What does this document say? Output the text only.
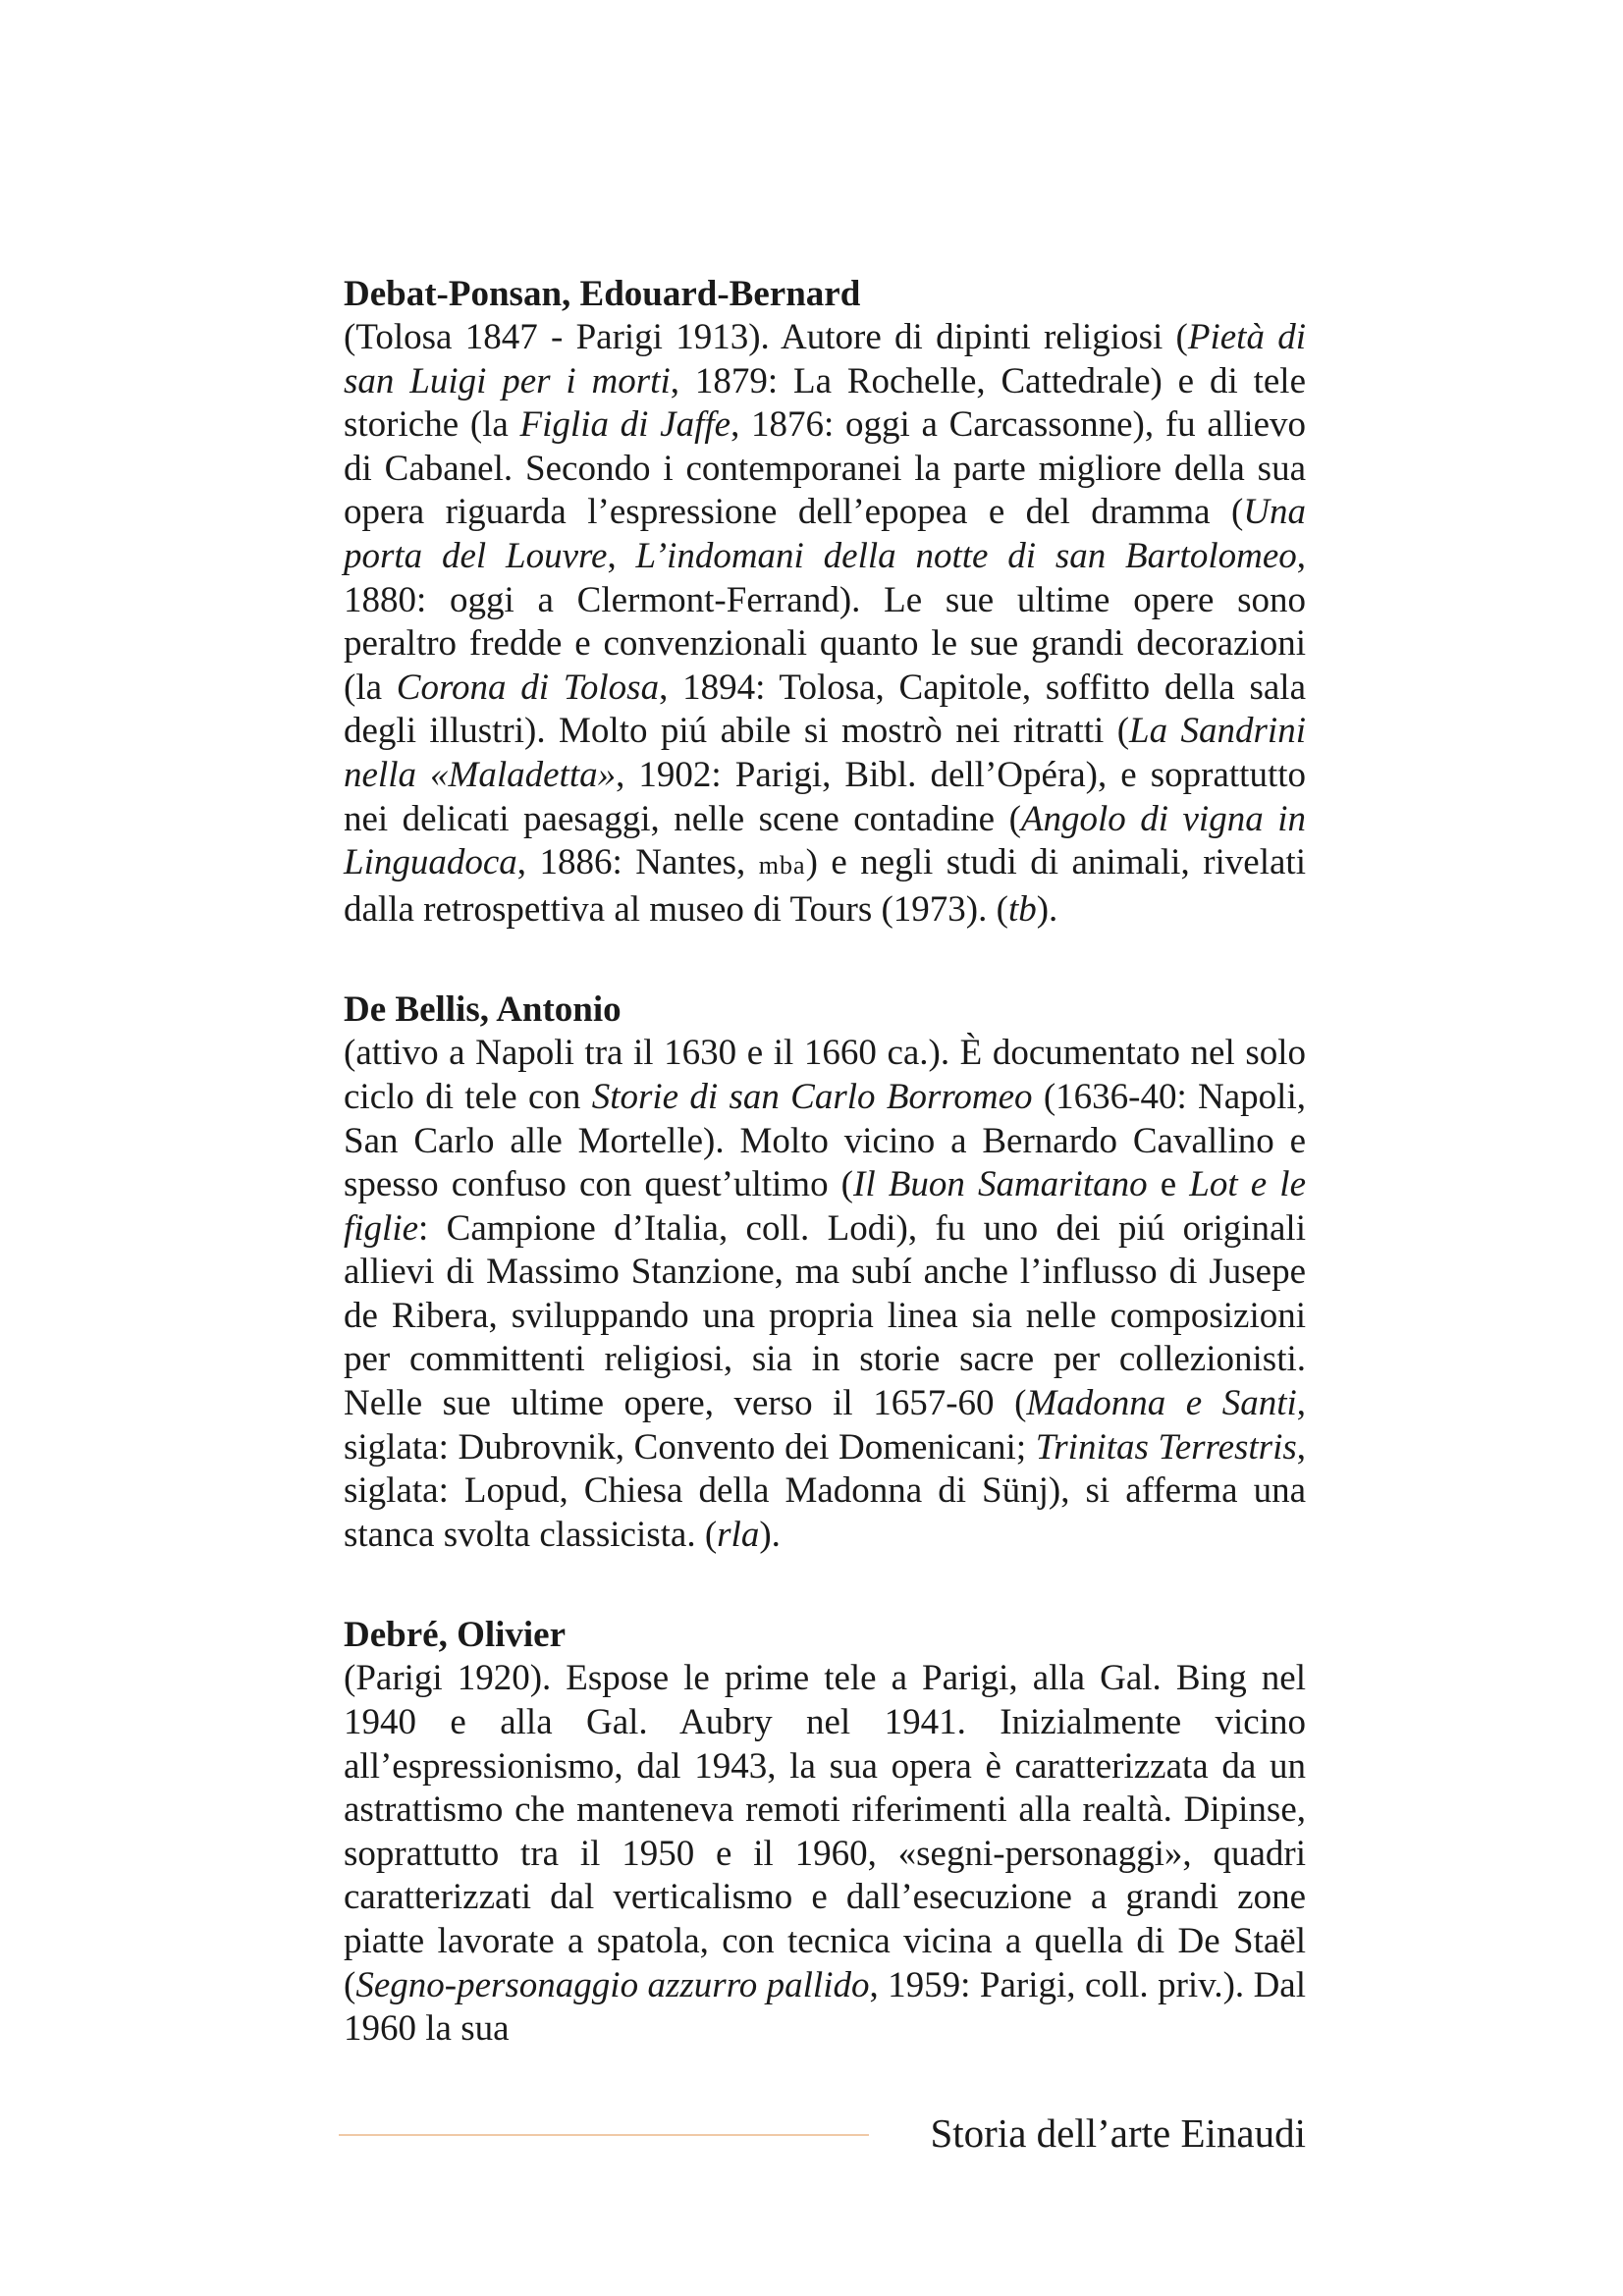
Debat-Ponsan, Edouard-Bernard

(Tolosa 1847 - Parigi 1913). Autore di dipinti religiosi (Pietà di san Luigi per i morti, 1879: La Rochelle, Cattedrale) e di tele storiche (la Figlia di Jaffe, 1876: oggi a Carcassonne), fu allievo di Cabanel. Secondo i contemporanei la parte migliore della sua opera riguarda l’espressione dell’epopea e del dramma (Una porta del Louvre, L’indomani della notte di san Bartolomeo, 1880: oggi a Clermont-Ferrand). Le sue ultime opere sono peraltro fredde e convenzionali quanto le sue grandi decorazioni (la Corona di Tolosa, 1894: Tolosa, Capitole, soffitto della sala degli illustri). Molto piú abile si mostrò nei ritratti (La Sandrini nella «Maladetta», 1902: Parigi, Bibl. dell’Opéra), e soprattutto nei delicati paesaggi, nelle scene contadine (Angolo di vigna in Linguadoca, 1886: Nantes, mba) e negli studi di animali, rivelati dalla retrospettiva al museo di Tours (1973). (tb).

De Bellis, Antonio

(attivo a Napoli tra il 1630 e il 1660 ca.). È documentato nel solo ciclo di tele con Storie di san Carlo Borromeo (1636-40: Napoli, San Carlo alle Mortelle). Molto vicino a Bernardo Cavallino e spesso confuso con quest’ultimo (Il Buon Samaritano e Lot e le figlie: Campione d’Italia, coll. Lodi), fu uno dei piú originali allievi di Massimo Stanzione, ma subí anche l’influsso di Jusepe de Ribera, sviluppando una propria linea sia nelle composizioni per committenti religiosi, sia in storie sacre per collezionisti. Nelle sue ultime opere, verso il 1657-60 (Madonna e Santi, siglata: Dubrovnik, Convento dei Domenicani; Trinitas Terrestris, siglata: Lopud, Chiesa della Madonna di Sünj), si afferma una stanca svolta classicista. (rla).

Debré, Olivier

(Parigi 1920). Espose le prime tele a Parigi, alla Gal. Bing nel 1940 e alla Gal. Aubry nel 1941. Inizialmente vicino all’espressionismo, dal 1943, la sua opera è caratterizzata da un astrattismo che manteneva remoti riferimenti alla realtà. Dipinse, soprattutto tra il 1950 e il 1960, «segni-personaggi», quadri caratterizzati dal verticalismo e dall’esecuzione a grandi zone piatte lavorate a spatola, con tecnica vicina a quella di De Staël (Segno-personaggio azzurro pallido, 1959: Parigi, coll. priv.). Dal 1960 la sua

Storia dell’arte Einaudi
